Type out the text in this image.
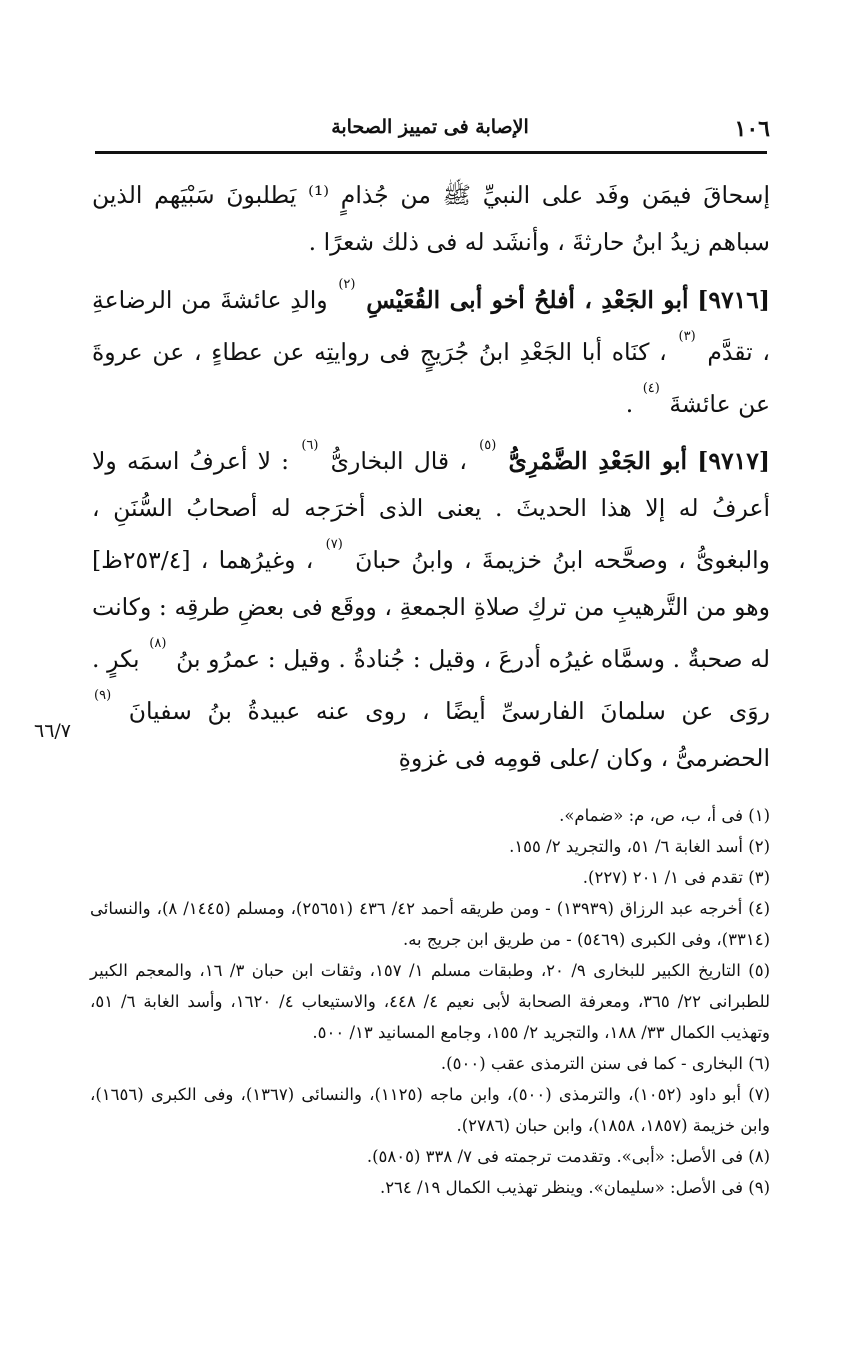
١٠٦
الإصابة فى تمييز الصحابة

إسحاقَ فيمَن وفَد على النبيِّ ﷺ من جُذامٍ ⁽¹⁾ يَطلبونَ سَبْيَهم الذين سباهم زيدُ ابنُ حارثةَ ، وأنشَد له فى ذلك شعرًا .

[٩٧١٦] أبو الجَعْدِ ، أفلحُ أخو أبى القُعَيْسِ $^{(٢)}$ والدِ عائشةَ من الرضاعةِ ، تقدَّم $^{(٣)}$ ، كنَاه أبا الجَعْدِ ابنُ جُرَيجٍ فى روايتِه عن عطاءٍ ، عن عروةَ عن عائشةَ $^{(٤)}$ .

[٩٧١٧] أبو الجَعْدِ الضَّمْرِىُّ $^{(٥)}$ ، قال البخارىُّ $^{(٦)}$ : لا أعرفُ اسمَه ولا أعرفُ له إلا هذا الحديثَ . يعنى الذى أخرَجه له أصحابُ السُّنَنِ ، والبغوىُّ ، وصحَّحه ابنُ خزيمةَ ، وابنُ حبانَ $^{(٧)}$ ، وغيرُهما ، [٢٥٣/٤ظ] وهو من التَّرهيبِ من تركِ صلاةِ الجمعةِ ، ووقَع فى بعضِ طرقِه : وكانت له صحبةٌ . وسمَّاه غيرُه أدرعَ ، وقيل : جُنادةُ . وقيل : عمرُو بنُ $^{(٨)}$ بكرٍ . روَى عن سلمانَ الفارسىِّ أيضًا ، روى عنه عبيدةُ بنُ سفيانَ $^{(٩)}$ الحضرمىُّ ، وكان /على قومِه فى غزوةِ

٦٦/٧

(١) فى أ، ب، ص، م: «ضمام».

(٢) أسد الغابة ٦/ ٥١، والتجريد ٢/ ١٥٥.

(٣) تقدم فى ١/ ٢٠١ (٢٢٧).

(٤) أخرجه عبد الرزاق (١٣٩٣٩) - ومن طريقه أحمد ٤٢/ ٤٣٦ (٢٥٦٥١)، ومسلم (١٤٤٥/ ٨)، والنسائى (٣٣١٤)، وفى الكبرى (٥٤٦٩) - من طريق ابن جريج به.

(٥) التاريخ الكبير للبخارى ٩/ ٢٠، وطبقات مسلم ١/ ١٥٧، وثقات ابن حبان ٣/ ١٦، والمعجم الكبير للطبرانى ٢٢/ ٣٦٥، ومعرفة الصحابة لأبى نعيم ٤/ ٤٤٨، والاستيعاب ٤/ ١٦٢٠، وأسد الغابة ٦/ ٥١، وتهذيب الكمال ٣٣/ ١٨٨، والتجريد ٢/ ١٥٥، وجامع المسانيد ١٣/ ٥٠٠.

(٦) البخارى - كما فى سنن الترمذى عقب (٥٠٠).

(٧) أبو داود (١٠٥٢)، والترمذى (٥٠٠)، وابن ماجه (١١٢٥)، والنسائى (١٣٦٧)، وفى الكبرى (١٦٥٦)، وابن خزيمة (١٨٥٧، ١٨٥٨)، وابن حبان (٢٧٨٦).

(٨) فى الأصل: «أبى». وتقدمت ترجمته فى ٧/ ٣٣٨ (٥٨٠٥).

(٩) فى الأصل: «سليمان». وينظر تهذيب الكمال ١٩/ ٢٦٤.
